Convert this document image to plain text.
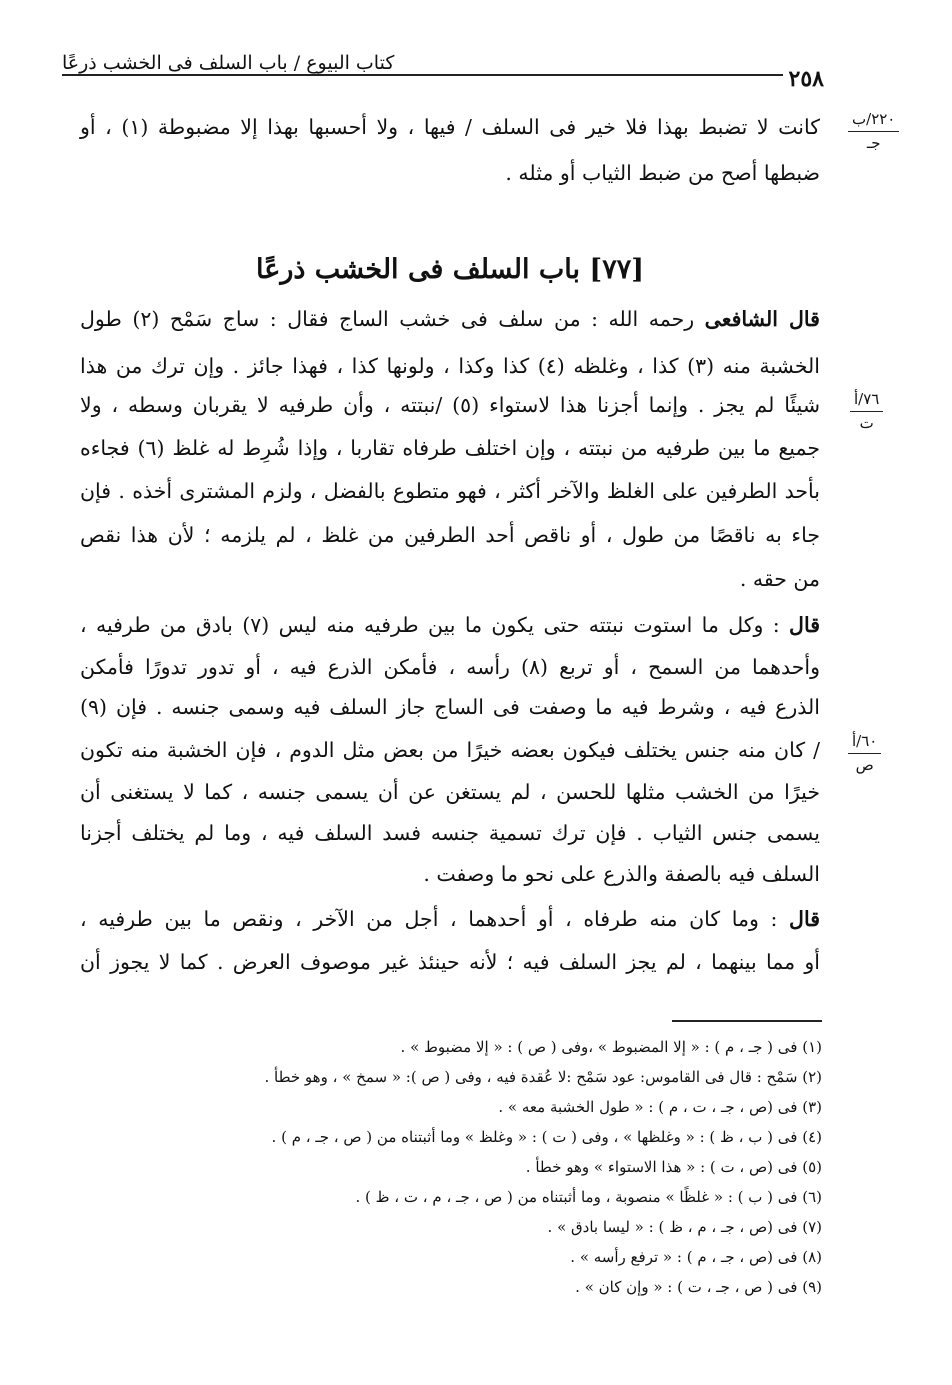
كتاب البيوع / باب السلف فى الخشب ذرعًا
٢٥٨
٢٢٠/ب
جـ
٧٦/أ
ت
٦٠/أ
ص
كانت لا تضبط بهذا فلا خير فى السلف / فيها ، ولا أحسبها بهذا إلا مضبوطة (١) ، أو
ضبطها أصح من ضبط الثياب أو مثله .
[٧٧] باب السلف فى الخشب ذرعًا
قال الشافعى رحمه الله : من سلف فى خشب الساج فقال : ساج سَمْح (٢) طول
الخشبة منه (٣) كذا ، وغلظه (٤) كذا وكذا ، ولونها كذا ، فهذا جائز . وإن ترك من هذا
شيئًا لم يجز . وإنما أجزنا هذا لاستواء (٥) /نبتته ، وأن طرفيه لا يقربان وسطه ، ولا
جميع ما بين طرفيه من نبتته ، وإن اختلف طرفاه تقاربا ، وإذا شُرِط له غلظ (٦) فجاءه
بأحد الطرفين على الغلظ والآخر أكثر ، فهو متطوع بالفضل ، ولزم المشترى أخذه . فإن
جاء به ناقصًا من طول ، أو ناقص أحد الطرفين من غلظ ، لم يلزمه ؛ لأن هذا نقص
من حقه .
قال : وكل ما استوت نبتته حتى يكون ما بين طرفيه منه ليس (٧) بادق من طرفيه ،
وأحدهما من السمح ، أو تربع (٨) رأسه ، فأمكن الذرع فيه ، أو تدور تدورًا فأمكن
الذرع فيه ، وشرط فيه ما وصفت فى الساج جاز السلف فيه وسمى جنسه . فإن (٩)
/ كان منه جنس يختلف فيكون بعضه خيرًا من بعض مثل الدوم ، فإن الخشبة منه تكون
خيرًا من الخشب مثلها للحسن ، لم يستغن عن أن يسمى جنسه ، كما لا يستغنى أن
يسمى جنس الثياب . فإن ترك تسمية جنسه فسد السلف فيه ، وما لم يختلف أجزنا
السلف فيه بالصفة والذرع على نحو ما وصفت .
قال : وما كان منه طرفاه ، أو أحدهما ، أجل من الآخر ، ونقص ما بين طرفيه ،
أو مما بينهما ، لم يجز السلف فيه ؛ لأنه حينئذ غير موصوف العرض . كما لا يجوز أن
(١) فى ( جـ ، م ) : « إلا المضبوط » ،وفى ( ص ) : « إلا مضبوط » .
(٢) سَمْح : قال فى القاموس: عود سَمْح :لا عُقدة فيه ، وفى ( ص ): « سمخ » ، وهو خطأ .
(٣) فى (ص ، جـ ، ت ، م ) : « طول الخشبة معه » .
(٤) فى ( ب ، ظ ) : « وغلظها » ، وفى ( ت ) : « وغلظ » وما أثبتناه من ( ص ، جـ ، م ) .
(٥) فى (ص ، ت ) : « هذا الاستواء » وهو خطأ .
(٦) فى ( ب ) : « غلظًا » منصوبة ، وما أثبتناه من ( ص ، جـ ، م ، ت ، ظ ) .
(٧) فى (ص ، جـ ، م ، ظ ) : « ليسا بادق » .
(٨) فى (ص ، جـ ، م ) : « ترفع رأسه » .
(٩) فى ( ص ، جـ ، ت ) : « وإن كان » .
